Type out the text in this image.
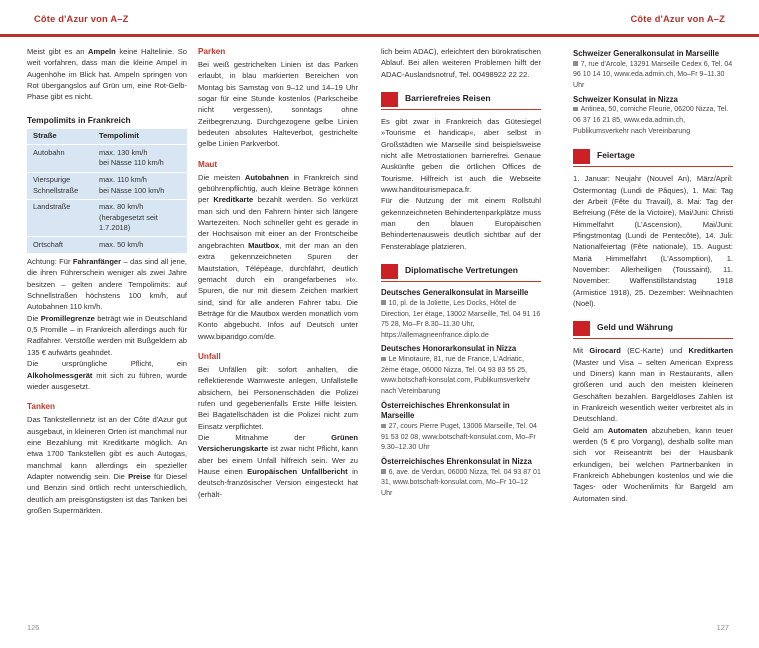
Côte d'Azur von A–Z	Côte d'Azur von A–Z

Meist gibt es an Ampeln keine Haltelinie. So weit vorfahren, dass man die kleine Ampel in Augenhöhe im Blick hat. Ampeln springen von Rot übergangslos auf Grün um, eine Rot-Gelb-Phase gibt es nicht.

Tempolimits in Frankreich
Straße	Tempolimit
Autobahn	max. 130 km/h
bei Nässe 110 km/h
Vierspurige Schnellstraße	max. 110 km/h
bei Nässe 100 km/h
Landstraße	max. 80 km/h (herabgesetzt seit 1.7.2018)
Ortschaft	max. 50 km/h

Achtung: Für Fahranfänger – das sind all jene, die ihren Führerschein weniger als zwei Jahre besitzen – gelten andere Tempolimits: auf Schnellstraßen höchstens 100 km/h, auf Autobahnen 110 km/h.

Die Promillegrenze beträgt wie in Deutschland 0,5 Promille – in Frankreich allerdings auch für Radfahrer. Verstöße werden mit Bußgeldern ab 135 € aufwärts geahndet.

Die ursprüngliche Pflicht, ein Alkoholmessgerät mit sich zu führen, wurde wieder ausgesetzt.

Tanken

Das Tankstellennetz ist an der Côte d'Azur gut ausgebaut, in kleineren Orten ist manchmal nur eine Bezahlung mit Kreditkarte möglich. An etwa 1700 Tankstellen gibt es auch Autogas, manchmal kann allerdings ein spezieller Adapter notwendig sein. Die Preise für Diesel und Benzin sind örtlich recht unterschiedlich, deutlich am preisgünstigsten ist das Tanken bei großen Supermärkten.

Parken

Bei weiß gestrichelten Linien ist das Parken erlaubt, in blau markierten Bereichen von Montag bis Samstag von 9–12 und 14–19 Uhr sogar für eine Stunde kostenlos (Parkscheibe nicht vergessen), sonntags ohne Zeitbegrenzung. Durchgezogene gelbe Linien bedeuten absolutes Halteverbot, gestrichelte gelbe Linien Parkverbot.

Maut

Die meisten Autobahnen in Frankreich sind gebührenpflichtig, auch kleine Beträge können per Kreditkarte bezahlt werden. So verkürzt man sich und den Fahrern hinter sich längere Wartezeiten. Noch schneller geht es gerade in der Hochsaison mit einer an der Frontscheibe angebrachten Mautbox, mit der man an den extra gekennzeichneten Spuren der Mautstation, Télépéage, durchfährt, deutlich gemacht durch ein orangefarbenes »t«. Spuren, die nur mit diesem Zeichen markiert sind, sind für alle anderen Fahrer tabu. Die Beträge für die Mautbox werden monatlich vom Konto abgebucht. Infos auf Deutsch unter www.bipandgo.com/de.

Unfall

Bei Unfällen gilt: sofort anhalten, die reflektierende Warnweste anlegen, Unfallstelle absichern, bei Personenschäden die Polizei rufen und gegebenenfalls Erste Hilfe leisten. Bei Bagatellschäden ist die Polizei nicht zum Einsatz verpflichtet.

Die Mitnahme der Grünen Versicherungskarte ist zwar nicht Pflicht, kann aber bei einem Unfall hilfreich sein. Wer zu Hause einen Europäischen Unfallbericht in deutsch-französischer Version eingesteckt hat (erhält-

lich beim ADAC), erleichtert den bürokratischen Ablauf. Bei allen weiteren Problemen hilft der ADAC-Auslandsnotruf, Tel. 00498922 22 22.

Barrierefreies Reisen

Es gibt zwar in Frankreich das Gütesiegel »Tourisme et handicap«, aber selbst in Großstädten wie Marseille sind beispielsweise nicht alle Metrostationen barrierefrei. Genaue Auskünfte geben die örtlichen Offices de Tourisme. Hilfreich ist auch die Webseite www.handitourismepaca.fr.

Für die Nutzung der mit einem Rollstuhl gekennzeichneten Behindertenparkplätze muss man den blauen Europäischen Behindertenausweis deutlich sichtbar auf der Fensterablage platzieren.

Diplomatische Vertretungen
Deutsches Generalkonsulat in Marseille
10, pl. de la Joliette, Les Docks, Hôtel de Direction, 1er étage, 13002 Marseille, Tel. 04 91 16 75 28, Mo–Fr 8.30–11.30 Uhr, https://allemagneenfrance.diplo.de
Deutsches Honorarkonsulat in Nizza
Le Minotaure, 81, rue de France, L'Adriatic, 2ème étage, 06000 Nizza, Tel. 04 93 83 55 25, www.botschaft-konsulat.com, Publikumsverkehr nach Vereinbarung
Österreichisches Ehrenkonsulat in Marseille
27, cours Pierre Puget, 13006 Marseille, Tel. 04 91 53 02 08, www.botschaft-konsulat.com, Mo–Fr 9.30–12.30 Uhr
Österreichisches Ehrenkonsulat in Nizza
6, ave. de Verdun, 06000 Nizza, Tel. 04 93 87 01 31, www.botschaft-konsulat.com, Mo–Fr 10–12 Uhr
Schweizer Generalkonsulat in Marseille
7, rue d'Arcole, 13291 Marseille Cedex 6, Tel. 04 96 10 14 10, www.eda.admin.ch, Mo–Fr 9–11.30 Uhr
Schweizer Konsulat in Nizza
Antinea, 50, corniche Fleurie, 06200 Nizza, Tel. 06 37 16 21 85, www.eda.admin.ch, Publikumsverkehr nach Vereinbarung
Feiertage

1. Januar: Neujahr (Nouvel An), März/April: Ostermontag (Lundi de Pâques), 1. Mai: Tag der Arbeit (Fête du Travail), 8. Mai: Tag der Befreiung (Fête de la Victoire), Mai/Juni: Christi Himmelfahrt (L'Ascension), Mai/Juni: Pfingstmontag (Lundi de Pentecôte), 14. Juli: Nationalfeiertag (Fête nationale), 15. August: Mariä Himmelfahrt (L'Assomption), 1. November: Allerheiligen (Toussaint), 11. November: Waffenstillstandstag 1918 (Armistice 1918), 25. Dezember: Weihnachten (Noël).

Geld und Währung

Mit Girocard (EC-Karte) und Kreditkarten (Master und Visa – selten American Express und Diners) kann man in Restaurants, allen größeren und auch den meisten kleineren Geschäften bezahlen. Bargeldloses Zahlen ist in Frankreich wesentlich weiter verbreitet als in Deutschland.

Geld am Automaten abzuheben, kann teuer werden (5 € pro Vorgang), deshalb sollte man sich vor Reiseantritt bei der Hausbank erkundigen, bei welchen Partnerbanken in Frankreich Abhebungen kostenlos und wie die Tages- oder Wochenlimits für Bargeld am Automaten sind.

126	127
